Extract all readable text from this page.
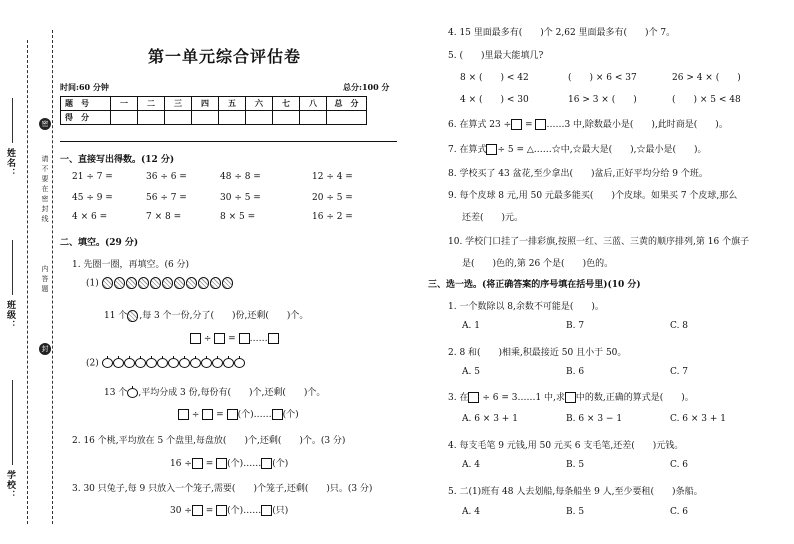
姓名：
班级：
学校：
密
请不要在密封线
内答题
封
第一单元综合评估卷
时间:60 分钟	总分:100 分
题　号	一	二	三	四	五	六	七	八	总　分
得　分									
一、直接写出得数。(12 分)
21 ÷ 7 =	36 ÷ 6 =	48 ÷ 8 =	12 ÷ 4 =
45 ÷ 9 =	56 ÷ 7 =	30 ÷ 5 =	20 ÷ 5 =
4 × 6 =	7 × 8 =	8 × 5 =	16 ÷ 2 =
二、填空。(29 分)
1. 先圈一圈，再填空。(6 分)
(1)
11 个 ,每 3 个一份,分了(　　)份,还剩(　　)个。
÷ = ……
(2)
13 个 ,平均分成 3 份,每份有(　　)个,还剩(　　)个。
÷ = (个)…… (个)
2. 16 个桃,平均放在 5 个盘里,每盘放(　　)个,还剩(　　)个。(3 分)
16 ÷ = (个)…… (个)
3. 30 只兔子,每 9 只放入一个笼子,需要(　　)个笼子,还剩(　　)只。(3 分)
30 ÷ = (个)…… (只)
4. 15 里面最多有(　　)个 2,62 里面最多有(　　)个 7。
5. (　　)里最大能填几?
8 × (　　) < 42	(　　) × 6 < 37	26 > 4 × (　　)
4 × (　　) < 30	16 > 3 × (　　)	(　　) × 5 < 48
6. 在算式 23 ÷ = ……3 中,除数最小是(　　),此时商是(　　)。
7. 在算式 ÷ 5 = △……☆中,☆最大是(　　),☆最小是(　　)。
8. 学校买了 43 盆花,至少拿出(　　)盆后,正好平均分给 9 个班。
9. 每个皮球 8 元,用 50 元最多能买(　　)个皮球。如果买 7 个皮球,那么
还差(　　)元。
10. 学校门口挂了一排彩旗,按照一红、三蓝、三黄的顺序排列,第 16 个旗子
是(　　)色的,第 26 个是(　　)色的。
三、选一选。(将正确答案的序号填在括号里)(10 分)
1. 一个数除以 8,余数不可能是(　　)。
A. 1	B. 7	C. 8
2. 8 和(　　)相乘,积最接近 50 且小于 50。
A. 5	B. 6	C. 7
3. 在 ÷ 6 = 3……1 中,求 中的数,正确的算式是(　　)。
A. 6 × 3 + 1	B. 6 × 3 − 1	C. 6 × 3 + 1
4. 每支毛笔 9 元钱,用 50 元买 6 支毛笔,还差(　　)元钱。
A. 4	B. 5	C. 6
5. 二(1)班有 48 人去划船,每条船坐 9 人,至少要租(　　)条船。
A. 4	B. 5	C. 6
